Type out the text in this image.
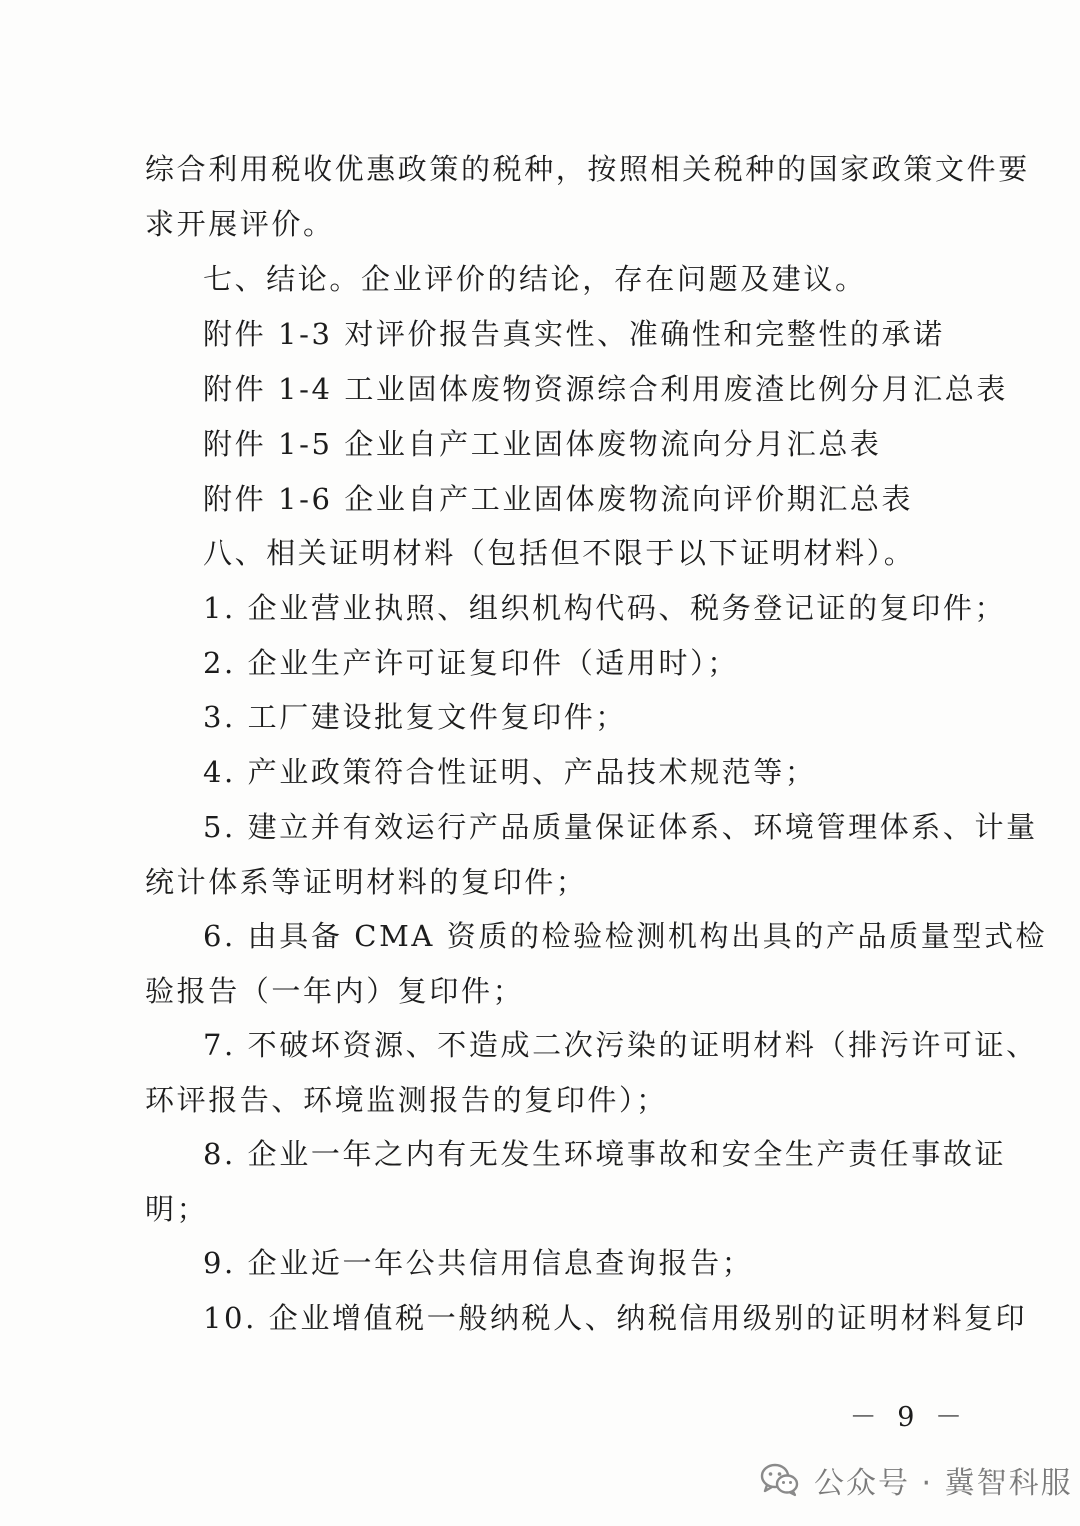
综合利用税收优惠政策的税种，按照相关税种的国家政策文件要
求开展评价。
七、结论。企业评价的结论，存在问题及建议。
附件 1-3 对评价报告真实性、准确性和完整性的承诺
附件 1-4 工业固体废物资源综合利用废渣比例分月汇总表
附件 1-5 企业自产工业固体废物流向分月汇总表
附件 1-6 企业自产工业固体废物流向评价期汇总表
八、相关证明材料（包括但不限于以下证明材料）。
1. 企业营业执照、组织机构代码、税务登记证的复印件；
2. 企业生产许可证复印件（适用时）；
3. 工厂建设批复文件复印件；
4. 产业政策符合性证明、产品技术规范等；
5. 建立并有效运行产品质量保证体系、环境管理体系、计量
统计体系等证明材料的复印件；
6. 由具备 CMA 资质的检验检测机构出具的产品质量型式检
验报告（一年内）复印件；
7. 不破坏资源、不造成二次污染的证明材料（排污许可证、
环评报告、环境监测报告的复印件）；
8. 企业一年之内有无发生环境事故和安全生产责任事故证
明；
9. 企业近一年公共信用信息查询报告；
10. 企业增值税一般纳税人、纳税信用级别的证明材料复印
－ 9 －
公众号 · 冀智科服
